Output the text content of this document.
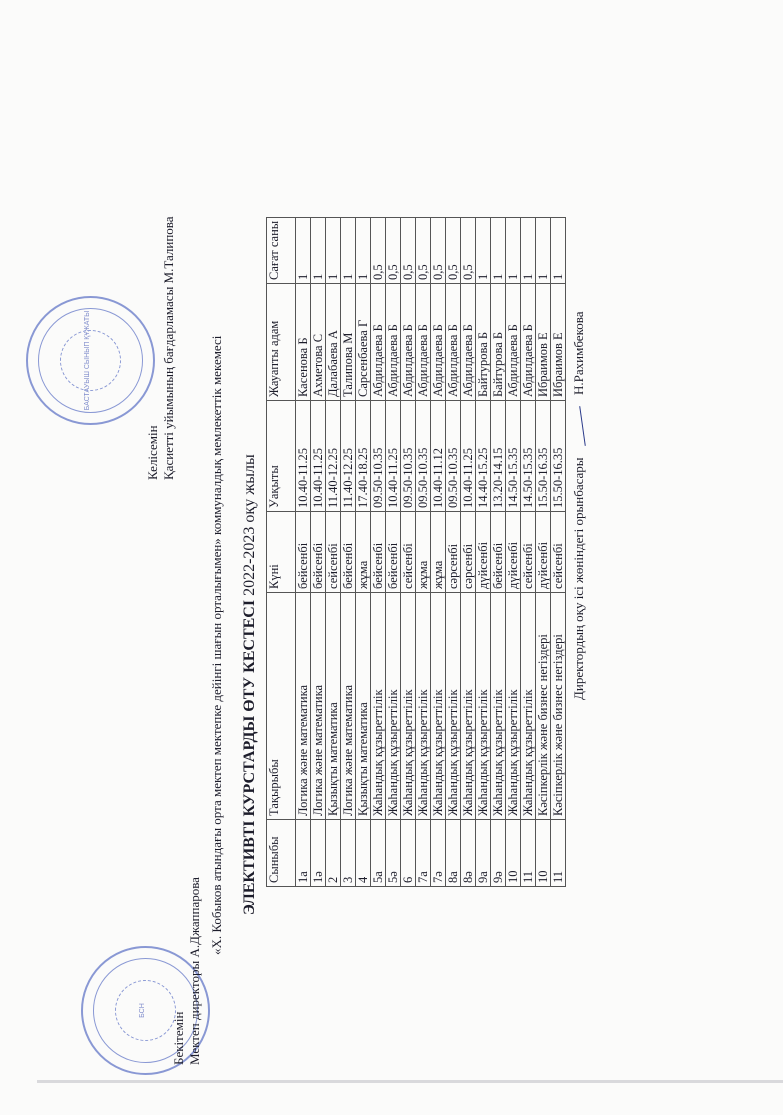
БСН
БАСТАУЫШ СЫНЫП ҚҰЖАТЫ
Бекітемін Мектеп директоры А.Джаппарова
Келісемін Қасиетті уйымының бағдарламасы М.Талипова	«Х. Кобыков атындағы орта мектеп мектепке дейінгі шағын орталығымен» коммуналдық мемлекеттік мекемесі ЭЛЕКТИВТІ КУРСТАРДЫ ӨТУ КЕСТЕСІ 2022-2023 оқу жылы
Сыныбы	Тақырыбы	Күні	Уақыты	Жауапты адам	Сағат саны
1а	Логика және математика	бейсенбі	10.40-11.25	Касенова Б	1
1ә	Логика және математика	бейсенбі	10.40-11.25	Ахметова С	1
2	Қызықты математика	сейсенбі	11.40-12.25	Далабаева А	1
3	Логика және математика	бейсенбі	11.40-12.25	Талипова М	1
4	Қызықты математика	жұма	17.40-18.25	Сарсенбаева Г	1
5а	Жаһандық құзыреттілік	бейсенбі	09.50-10.35	Абдилдаева Б	0,5
5ә	Жаһандық құзыреттілік	бейсенбі	10.40-11.25	Абдилдаева Б	0,5
6	Жаһандық құзыреттілік	сейсенбі	09.50-10.35	Абдилдаева Б	0,5
7а	Жаһандық құзыреттілік	жұма	09.50-10.35	Абдилдаева Б	0,5
7ә	Жаһандық құзыреттілік	жұма	10.40-11.12	Абдилдаева Б	0,5
8а	Жаһандық құзыреттілік	сәрсенбі	09.50-10.35	Абдилдаева Б	0,5
8ә	Жаһандық құзыреттілік	сәрсенбі	10.40-11.25	Абдилдаева Б	0,5
9а	Жаһандық құзыреттілік	дүйсенбі	14.40-15.25	Байтурова Б	1
9ә	Жаһандық құзыреттілік	бейсенбі	13.20-14.15	Байтурова Б	1
10	Жаһандық құзыреттілік	дүйсенбі	14.50-15.35	Абдилдаева Б	1
11	Жаһандық құзыреттілік	сейсенбі	14.50-15.35	Абдилдаева Б	1
10	Кәсіпкерлік және бизнес негіздері	дүйсенбі	15.50-16.35	Ибраимов Е	1
11	Кәсіпкерлік және бизнес негіздері	сейсенбі	15.50-16.35	Ибраимов Е	1
Директордың оқу ісі жөніндегі орынбасары  Н.Рахимбекова
